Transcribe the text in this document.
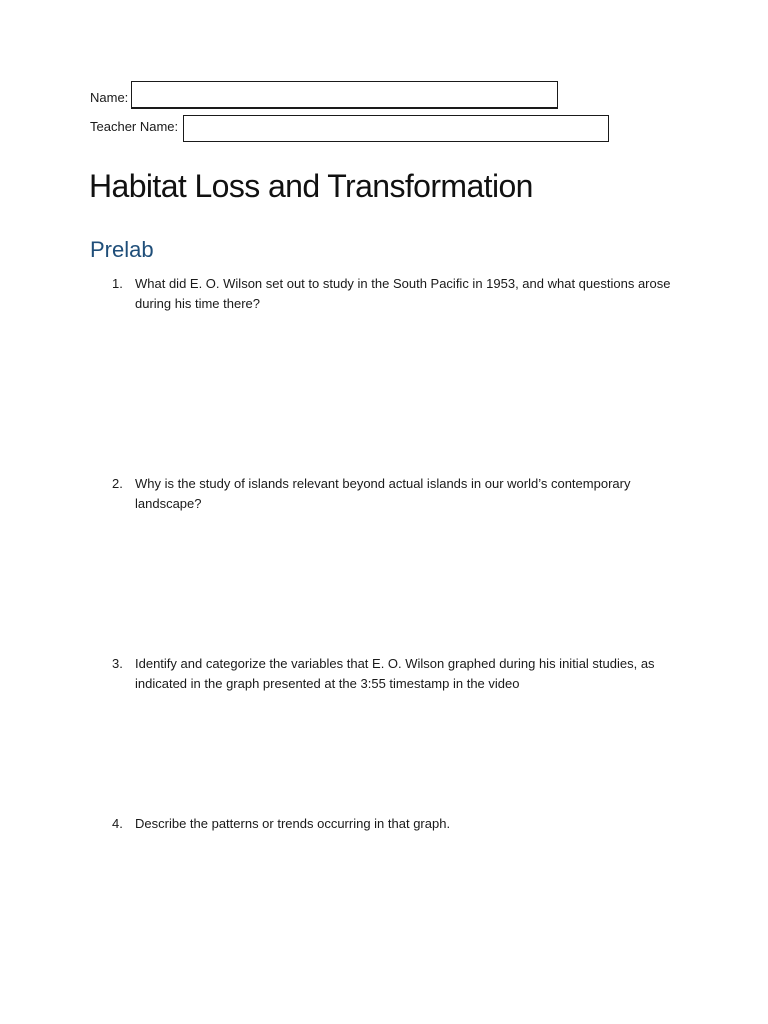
Name:
Teacher Name:
Habitat Loss and Transformation
Prelab
1. What did E. O. Wilson set out to study in the South Pacific in 1953, and what questions arose during his time there?
2. Why is the study of islands relevant beyond actual islands in our world’s contemporary landscape?
3. Identify and categorize the variables that E. O. Wilson graphed during his initial studies, as indicated in the graph presented at the 3:55 timestamp in the video
4. Describe the patterns or trends occurring in that graph.
